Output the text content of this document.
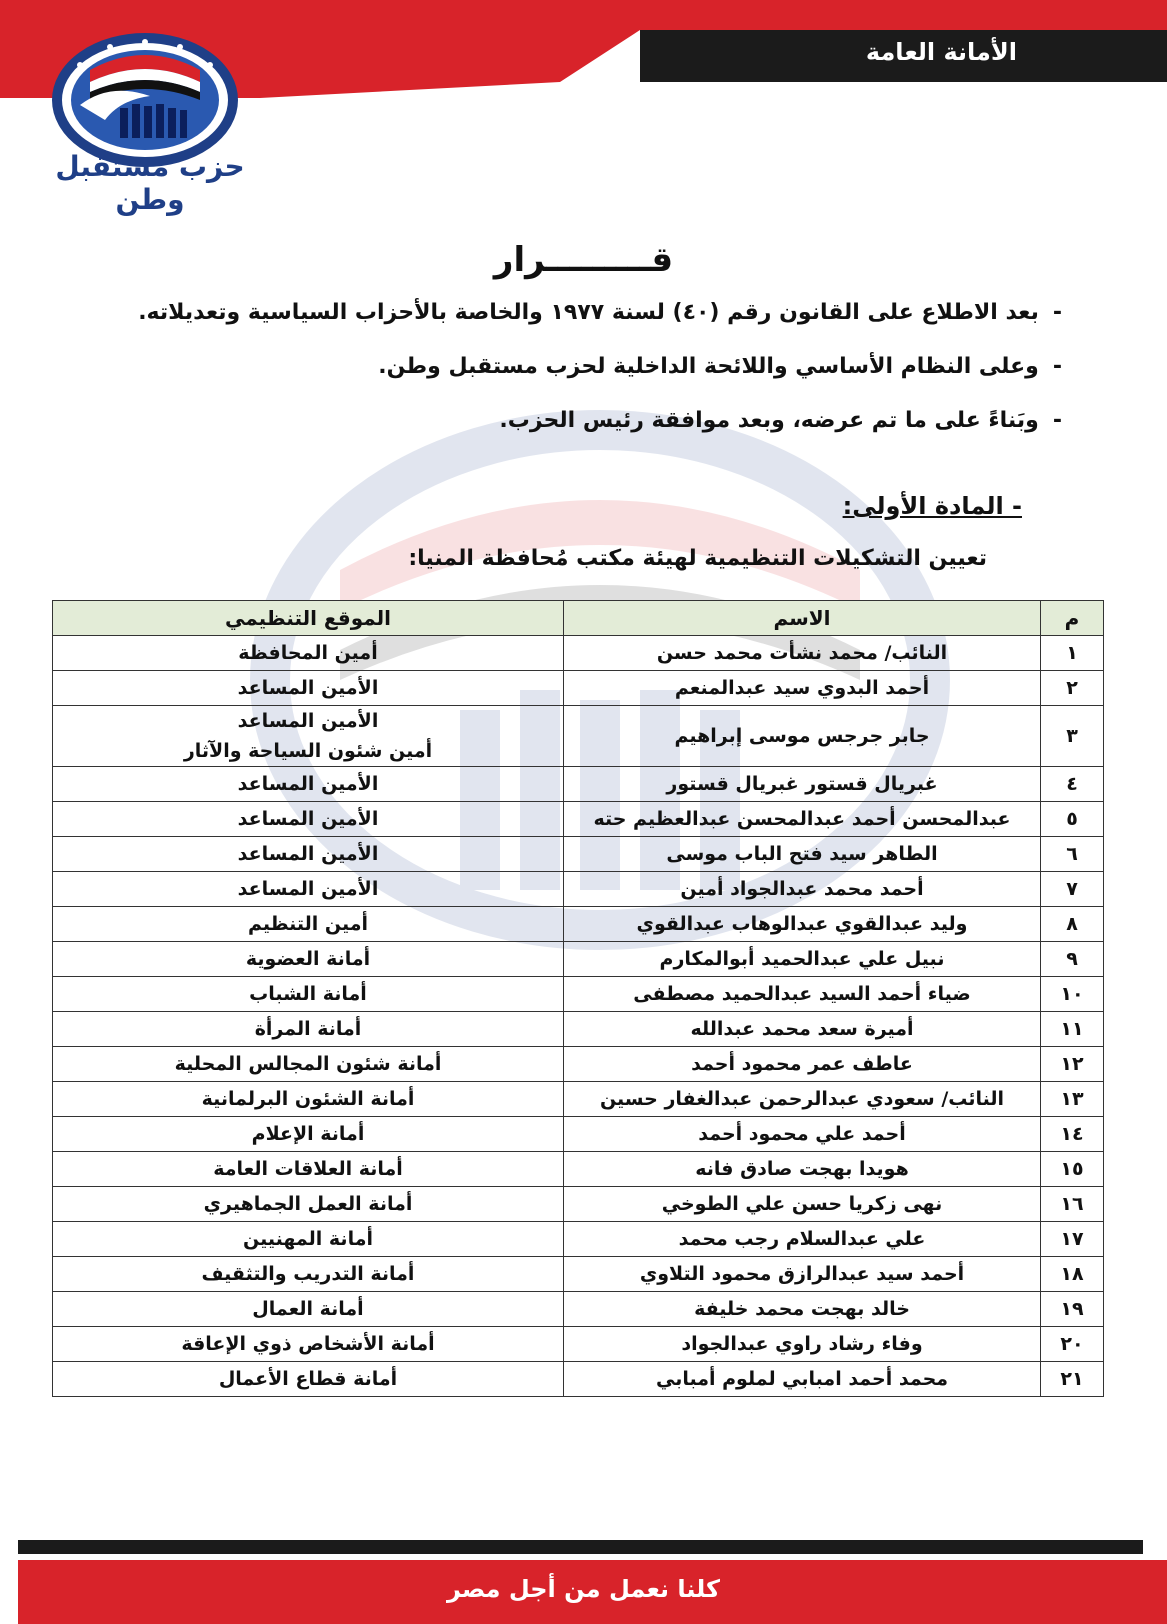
الأمانة العامة
حزب مستقبل وطن
قـــــــــرار

-بعد الاطلاع على القانون رقم (٤٠) لسنة ١٩٧٧ والخاصة بالأحزاب السياسية وتعديلاته.

-وعلى النظام الأساسي واللائحة الداخلية لحزب مستقبل وطن.

-وبَناءً على ما تم عرضه، وبعد موافقة رئيس الحزب.

- المادة الأولى:
تعيين التشكيلات التنظيمية لهيئة مكتب مُحافظة المنيا:
م	الاسم	الموقع التنظيمي
١	النائب/ محمد نشأت محمد حسن	أمين المحافظة
٢	أحمد البدوي سيد عبدالمنعم	الأمين المساعد
٣	جابر جرجس موسى إبراهيم	الأمين المساعد
أمين شئون السياحة والآثار

٤	غبريال قستور غبريال قستور	الأمين المساعد
٥	عبدالمحسن أحمد عبدالمحسن عبدالعظيم حته	الأمين المساعد
٦	الطاهر سيد فتح الباب موسى	الأمين المساعد
٧	أحمد محمد عبدالجواد أمين	الأمين المساعد
٨	وليد عبدالقوي عبدالوهاب عبدالقوي	أمين التنظيم
٩	نبيل علي عبدالحميد أبوالمكارم	أمانة العضوية
١٠	ضياء أحمد السيد عبدالحميد مصطفى	أمانة الشباب
١١	أميرة سعد محمد عبدالله	أمانة المرأة
١٢	عاطف عمر محمود أحمد	أمانة شئون المجالس المحلية
١٣	النائب/ سعودي عبدالرحمن عبدالغفار حسين	أمانة الشئون البرلمانية
١٤	أحمد علي محمود أحمد	أمانة الإعلام
١٥	هويدا بهجت صادق فانه	أمانة العلاقات العامة
١٦	نهى زكريا حسن علي الطوخي	أمانة العمل الجماهيري
١٧	علي عبدالسلام رجب محمد	أمانة المهنيين
١٨	أحمد سيد عبدالرازق محمود التلاوي	أمانة التدريب والتثقيف
١٩	خالد بهجت محمد خليفة	أمانة العمال
٢٠	وفاء رشاد راوي عبدالجواد	أمانة الأشخاص ذوي الإعاقة
٢١	محمد أحمد امبابي لملوم أمبابي	أمانة قطاع الأعمال
كلنا نعمل من أجل مصر
